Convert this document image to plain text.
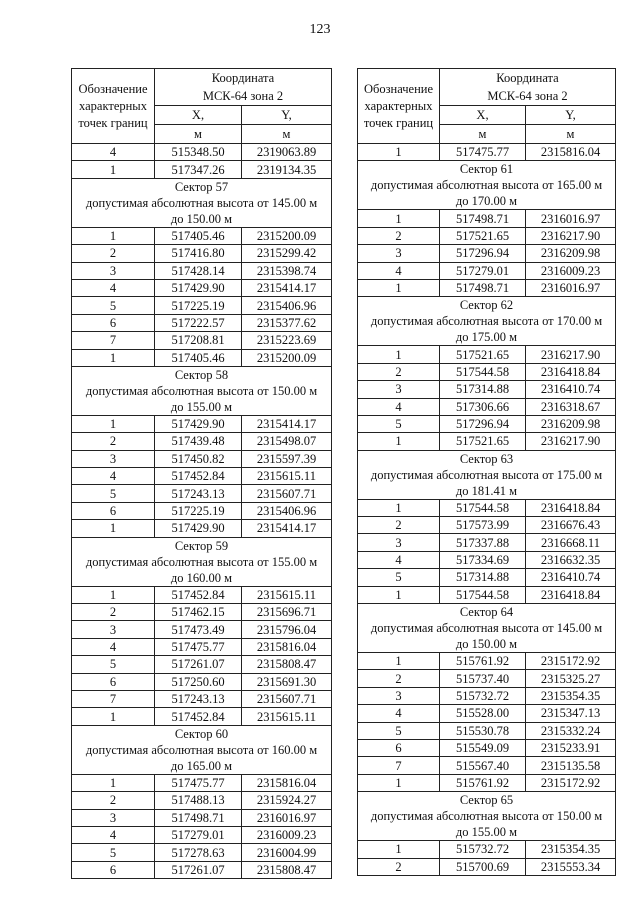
123
Обозначение характерных точек границ	Координата
МСК-64 зона 2	
	X,	Y,
	м	м
4	515348.50	2319063.89
1	517347.26	2319134.35

Сектор 57
допустимая абсолютная высота от 145.00 м
до 150.00 м		

1	517405.46	2315200.09
2	517416.80	2315299.42
3	517428.14	2315398.74
4	517429.90	2315414.17
5	517225.19	2315406.96
6	517222.57	2315377.62
7	517208.81	2315223.69
1	517405.46	2315200.09

Сектор 58
допустимая абсолютная высота от 150.00 м
до 155.00 м		

1	517429.90	2315414.17
2	517439.48	2315498.07
3	517450.82	2315597.39
4	517452.84	2315615.11
5	517243.13	2315607.71
6	517225.19	2315406.96
1	517429.90	2315414.17

Сектор 59
допустимая абсолютная высота от 155.00 м
до 160.00 м		

1	517452.84	2315615.11
2	517462.15	2315696.71
3	517473.49	2315796.04
4	517475.77	2315816.04
5	517261.07	2315808.47
6	517250.60	2315691.30
7	517243.13	2315607.71
1	517452.84	2315615.11

Сектор 60
допустимая абсолютная высота от 160.00 м
до 165.00 м		

1	517475.77	2315816.04
2	517488.13	2315924.27
3	517498.71	2316016.97
4	517279.01	2316009.23
5	517278.63	2316004.99
6	517261.07	2315808.47
Обозначение характерных точек границ	Координата
МСК-64 зона 2	
	X,	Y,
	м	м
1	517475.77	2315816.04

Сектор 61
допустимая абсолютная высота от 165.00 м
до 170.00 м		

1	517498.71	2316016.97
2	517521.65	2316217.90
3	517296.94	2316209.98
4	517279.01	2316009.23
1	517498.71	2316016.97

Сектор 62
допустимая абсолютная высота от 170.00 м
до 175.00 м		

1	517521.65	2316217.90
2	517544.58	2316418.84
3	517314.88	2316410.74
4	517306.66	2316318.67
5	517296.94	2316209.98
1	517521.65	2316217.90

Сектор 63
допустимая абсолютная высота от 175.00 м
до 181.41 м		

1	517544.58	2316418.84
2	517573.99	2316676.43
3	517337.88	2316668.11
4	517334.69	2316632.35
5	517314.88	2316410.74
1	517544.58	2316418.84

Сектор 64
допустимая абсолютная высота от 145.00 м
до 150.00 м		

1	515761.92	2315172.92
2	515737.40	2315325.27
3	515732.72	2315354.35
4	515528.00	2315347.13
5	515530.78	2315332.24
6	515549.09	2315233.91
7	515567.40	2315135.58
1	515761.92	2315172.92

Сектор 65
допустимая абсолютная высота от 150.00 м
до 155.00 м		

1	515732.72	2315354.35
2	515700.69	2315553.34
